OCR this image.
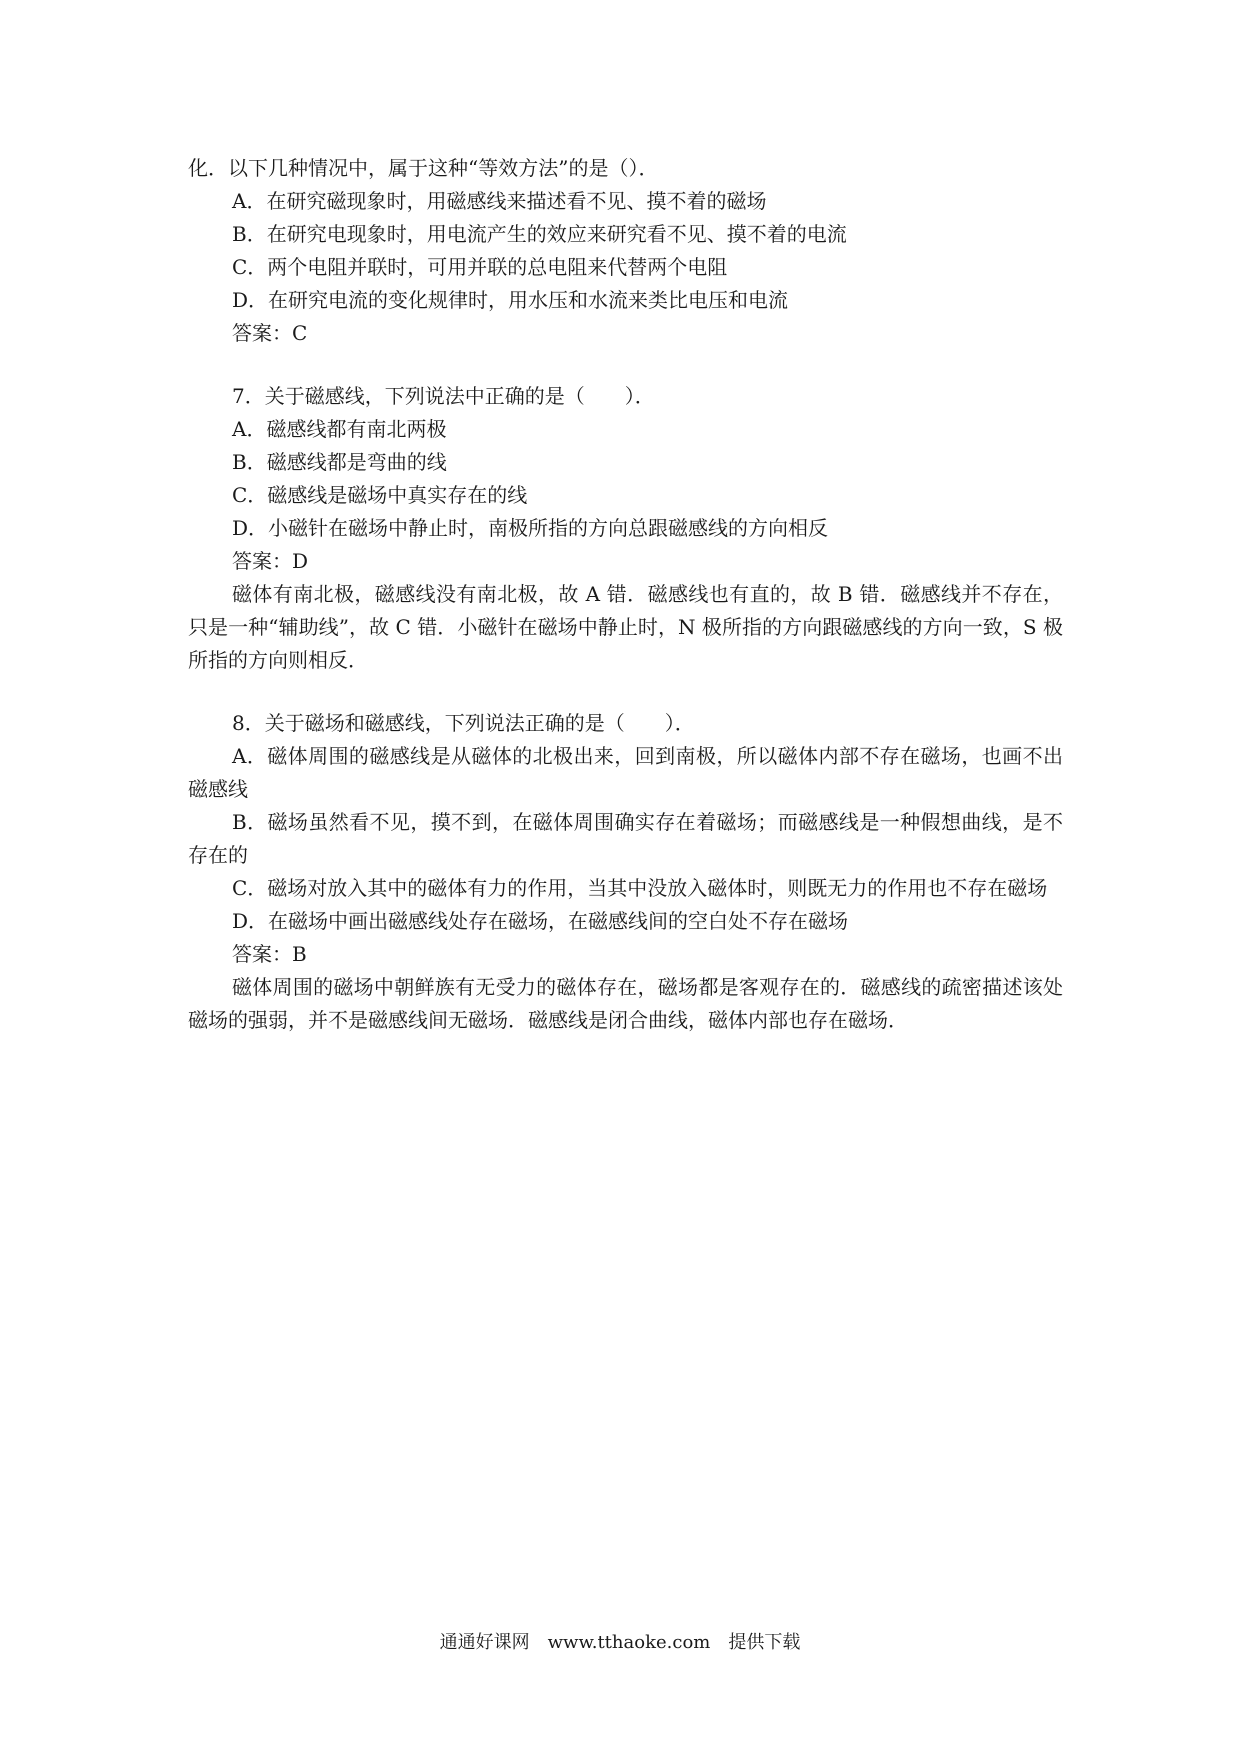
化．以下几种情况中，属于这种“等效方法”的是（）．
A．在研究磁现象时，用磁感线来描述看不见、摸不着的磁场
B．在研究电现象时，用电流产生的效应来研究看不见、摸不着的电流
C．两个电阻并联时，可用并联的总电阻来代替两个电阻
D．在研究电流的变化规律时，用水压和水流来类比电压和电流
答案：C
7．关于磁感线，下列说法中正确的是（　　）．
A．磁感线都有南北两极
B．磁感线都是弯曲的线
C．磁感线是磁场中真实存在的线
D．小磁针在磁场中静止时，南极所指的方向总跟磁感线的方向相反
答案：D
磁体有南北极，磁感线没有南北极，故 A 错．磁感线也有直的，故 B 错．磁感线并不存在，只是一种“辅助线”，故 C 错．小磁针在磁场中静止时，N 极所指的方向跟磁感线的方向一致，S 极所指的方向则相反．
8．关于磁场和磁感线，下列说法正确的是（　　）．
A．磁体周围的磁感线是从磁体的北极出来，回到南极，所以磁体内部不存在磁场，也画不出磁感线
B．磁场虽然看不见，摸不到，在磁体周围确实存在着磁场；而磁感线是一种假想曲线，是不存在的
C．磁场对放入其中的磁体有力的作用，当其中没放入磁体时，则既无力的作用也不存在磁场
D．在磁场中画出磁感线处存在磁场，在磁感线间的空白处不存在磁场
答案：B
磁体周围的磁场中朝鲜族有无受力的磁体存在，磁场都是客观存在的．磁感线的疏密描述该处磁场的强弱，并不是磁感线间无磁场．磁感线是闭合曲线，磁体内部也存在磁场．
通通好课网　www.tthaoke.com　提供下载
